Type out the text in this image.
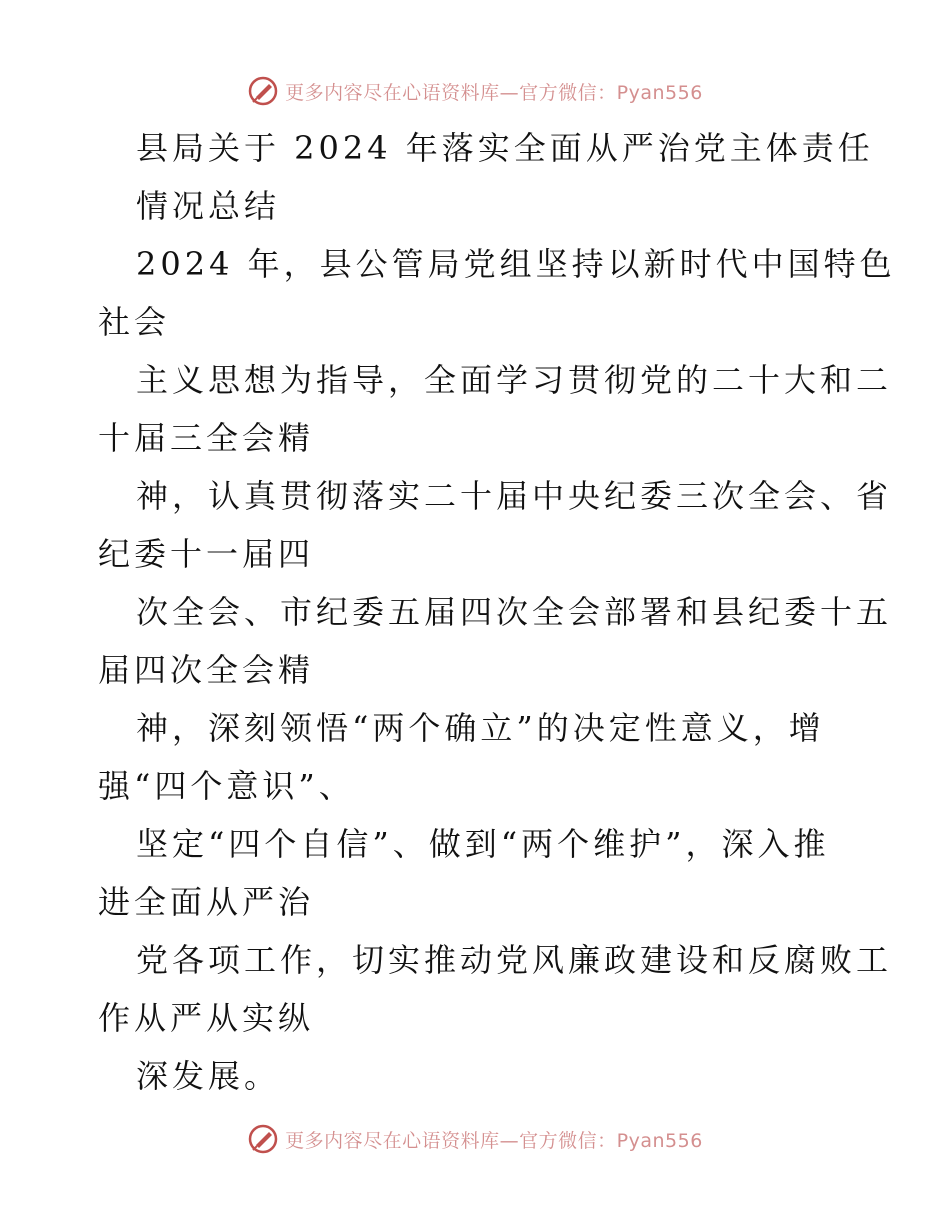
更多内容尽在心语资料库—官方微信：Pyan556
县局关于 2024 年落实全面从严治党主体责任
情况总结
2024 年，县公管局党组坚持以新时代中国特色
社会
主义思想为指导，全面学习贯彻党的二十大和二
十届三全会精
神，认真贯彻落实二十届中央纪委三次全会、省
纪委十一届四
次全会、市纪委五届四次全会部署和县纪委十五
届四次全会精
神，深刻领悟“两个确立”的决定性意义，增
强“四个意识”、
坚定“四个自信”、做到“两个维护”，深入推
进全面从严治
党各项工作，切实推动党风廉政建设和反腐败工
作从严从实纵
深发展。
更多内容尽在心语资料库—官方微信：Pyan556
